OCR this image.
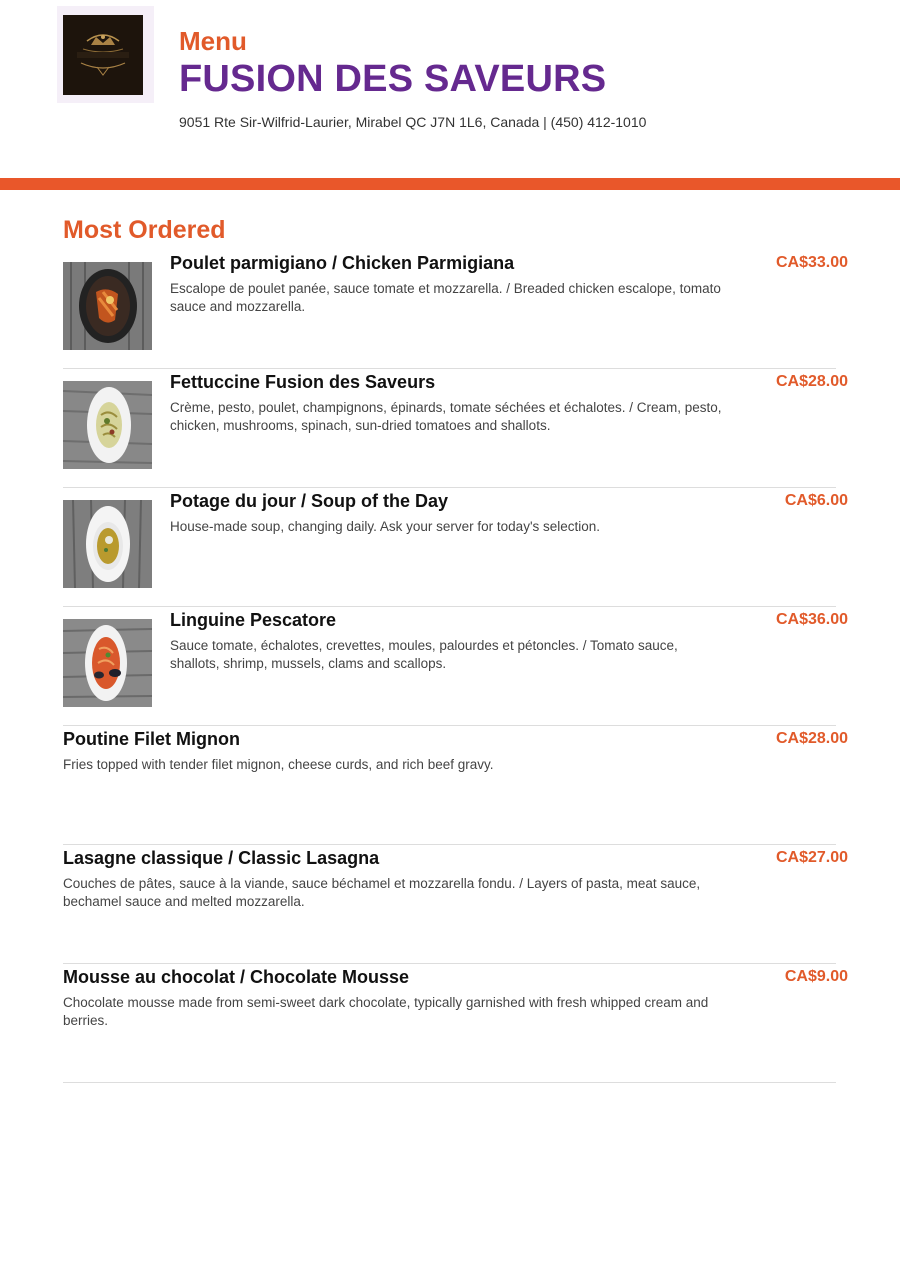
Menu
FUSION DES SAVEURS
9051 Rte Sir-Wilfrid-Laurier, Mirabel QC J7N 1L6, Canada | (450) 412-1010
Most Ordered
Poulet parmigiano / Chicken Parmigiana
Escalope de poulet panée, sauce tomate et mozzarella. / Breaded chicken escalope, tomato sauce and mozzarella.
CA$33.00
Fettuccine Fusion des Saveurs
Crème, pesto, poulet, champignons, épinards, tomate séchées et échalotes. / Cream, pesto, chicken, mushrooms, spinach, sun-dried tomatoes and shallots.
CA$28.00
Potage du jour / Soup of the Day
House-made soup, changing daily. Ask your server for today's selection.
CA$6.00
Linguine Pescatore
Sauce tomate, échalotes, crevettes, moules, palourdes et pétoncles. / Tomato sauce, shallots, shrimp, mussels, clams and scallops.
CA$36.00
Poutine Filet Mignon
Fries topped with tender filet mignon, cheese curds, and rich beef gravy.
CA$28.00
Lasagne classique / Classic Lasagna
Couches de pâtes, sauce à la viande, sauce béchamel et mozzarella fondu. / Layers of pasta, meat sauce, bechamel sauce and melted mozzarella.
CA$27.00
Mousse au chocolat / Chocolate Mousse
Chocolate mousse made from semi-sweet dark chocolate, typically garnished with fresh whipped cream and berries.
CA$9.00
